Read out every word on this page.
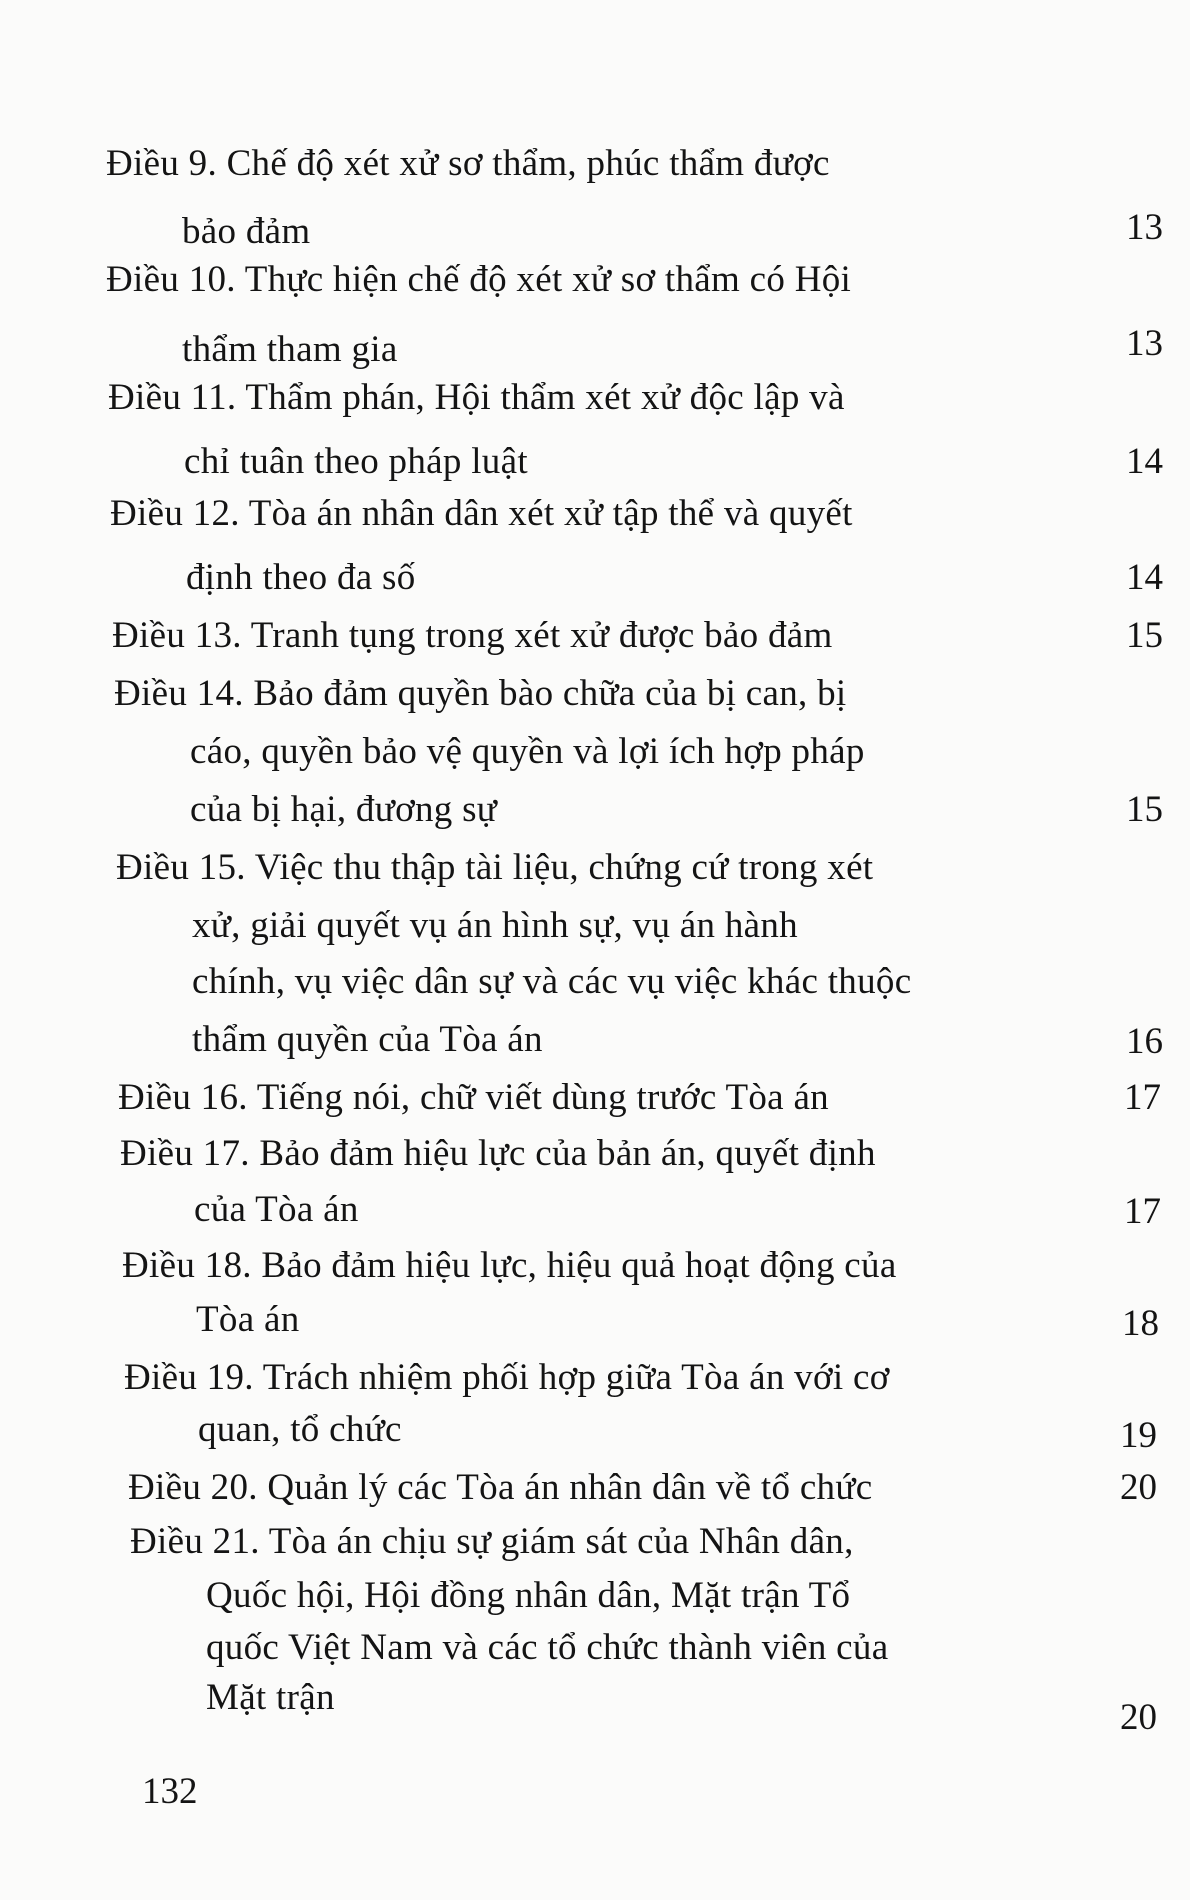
Điều 9. Chế độ xét xử sơ thẩm, phúc thẩm được
bảo đảm	13
Điều 10. Thực hiện chế độ xét xử sơ thẩm có Hội
thẩm tham gia	13
Điều 11. Thẩm phán, Hội thẩm xét xử độc lập và
chỉ tuân theo pháp luật	14
Điều 12. Tòa án nhân dân xét xử tập thể và quyết
định theo đa số	14
Điều 13. Tranh tụng trong xét xử được bảo đảm	15
Điều 14. Bảo đảm quyền bào chữa của bị can, bị
cáo, quyền bảo vệ quyền và lợi ích hợp pháp
của bị hại, đương sự	15
Điều 15. Việc thu thập tài liệu, chứng cứ trong xét
xử, giải quyết vụ án hình sự, vụ án hành
chính, vụ việc dân sự và các vụ việc khác thuộc
thẩm quyền của Tòa án	16
Điều 16. Tiếng nói, chữ viết dùng trước Tòa án	17
Điều 17. Bảo đảm hiệu lực của bản án, quyết định
của Tòa án	17
Điều 18. Bảo đảm hiệu lực, hiệu quả hoạt động của
Tòa án	18
Điều 19. Trách nhiệm phối hợp giữa Tòa án với cơ
quan, tổ chức	19
Điều 20. Quản lý các Tòa án nhân dân về tổ chức	20
Điều 21. Tòa án chịu sự giám sát của Nhân dân,
Quốc hội, Hội đồng nhân dân, Mặt trận Tổ
quốc Việt Nam và các tổ chức thành viên của
Mặt trận	20
132
